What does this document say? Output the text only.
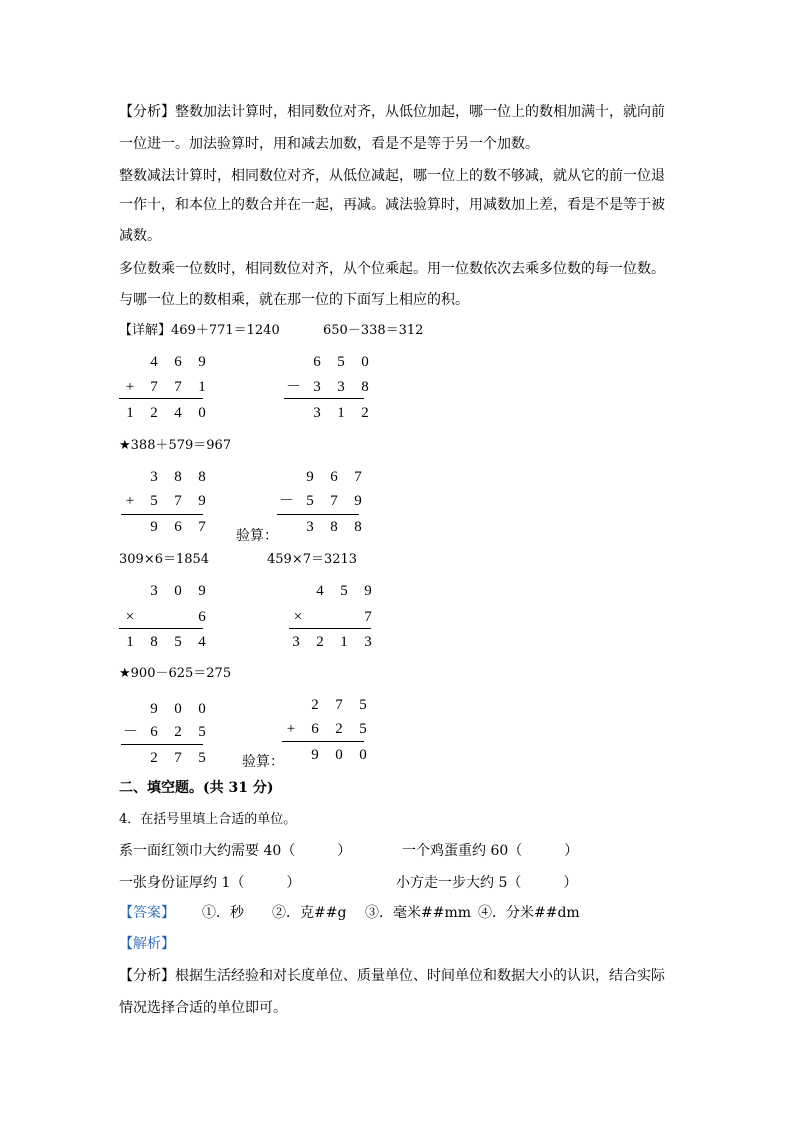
【分析】整数加法计算时，相同数位对齐，从低位加起，哪一位上的数相加满十，就向前
一位进一。加法验算时，用和减去加数，看是不是等于另一个加数。
整数减法计算时，相同数位对齐，从低位减起，哪一位上的数不够减，就从它的前一位退
一作十，和本位上的数合并在一起，再减。减法验算时，用减数加上差，看是不是等于被
减数。
多位数乘一位数时，相同数位对齐，从个位乘起。用一位数依次去乘多位数的每一位数。
与哪一位上的数相乘，就在那一位的下面写上相应的积。
【详解】469＋771＝1240	650－338＝312
4 6 9
+ 7 7 1
1 2 4 0
6 5 0
－ 3 3 8
3 1 2
★388＋579＝967
3 8 8
+ 5 7 9
9 6 7
9 6 7
－ 5 7 9
3 8 8
验算：
309×6＝1854	459×7＝3213
3 0 9
×	6
1 8 5 4
4 5 9
×	7
3 2 1 3
★900－625＝275
9 0 0
－ 6 2 5
2 7 5
2 7 5
+ 6 2 5
9 0 0
验算：
二、填空题。(共 31 分)
4．在括号里填上合适的单位。
系一面红领巾大约需要 40（　　　）	一个鸡蛋重约 60（　　　）
一张身份证厚约 1（　　　）	小方走一步大约 5（　　　）
【答案】 ①．秒 ②．克##g ③．毫米##mm ④．分米##dm
【解析】
【分析】根据生活经验和对长度单位、质量单位、时间单位和数据大小的认识，结合实际
情况选择合适的单位即可。
